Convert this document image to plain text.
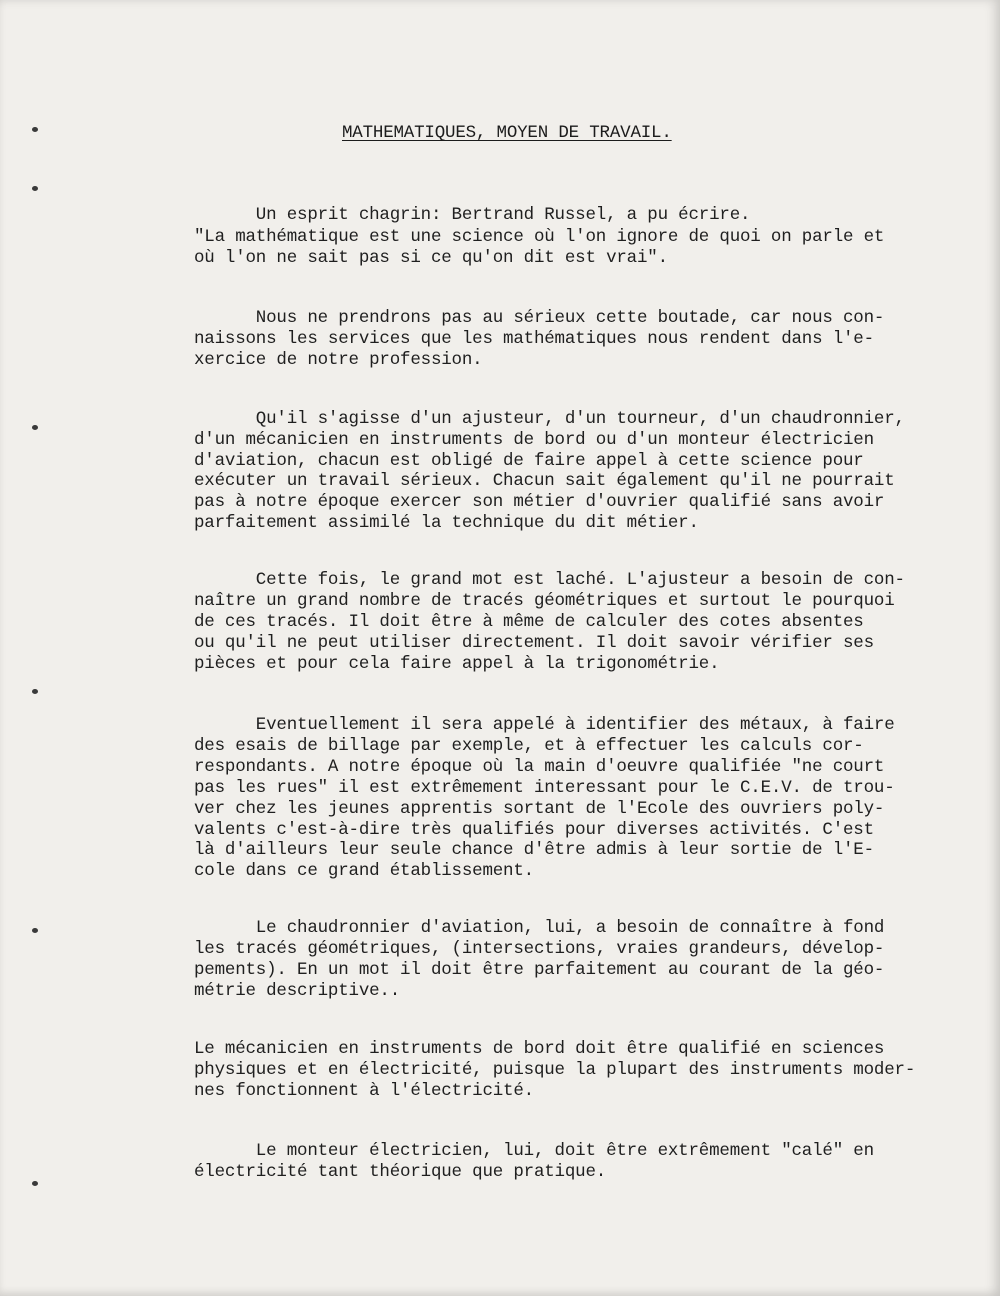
MATHEMATIQUES, MOYEN DE TRAVAIL.

Un esprit chagrin: Bertrand Russel, a pu écrire.

"La mathématique est une science où l'on ignore de quoi on parle et

où l'on ne sait pas si ce qu'on dit est vrai".

Nous ne prendrons pas au sérieux cette boutade, car nous con-

naissons les services que les mathématiques nous rendent dans l'e-

xercice de notre profession.

Qu'il s'agisse d'un ajusteur, d'un tourneur, d'un chaudronnier,

d'un mécanicien en instruments de bord ou d'un monteur électricien

d'aviation, chacun est obligé de faire appel à cette science pour

exécuter un travail sérieux. Chacun sait également qu'il ne pourrait

pas à notre époque exercer son métier d'ouvrier qualifié sans avoir

parfaitement assimilé la technique du dit métier.

Cette fois, le grand mot est laché. L'ajusteur a besoin de con-

naître un grand nombre de tracés géométriques et surtout le pourquoi

de ces tracés. Il doit être à même de calculer des cotes absentes

ou qu'il ne peut utiliser directement. Il doit savoir vérifier ses

pièces et pour cela faire appel à la trigonométrie.

Eventuellement il sera appelé à identifier des métaux, à faire

des esais de billage par exemple, et à effectuer les calculs cor-

respondants. A notre époque où la main d'oeuvre qualifiée "ne court

pas les rues" il est extrêmement interessant pour le C.E.V. de trou-

ver chez les jeunes apprentis sortant de l'Ecole des ouvriers poly-

valents c'est-à-dire très qualifiés pour diverses activités. C'est

là d'ailleurs leur seule chance d'être admis à leur sortie de l'E-

cole dans ce grand établissement.

Le chaudronnier d'aviation, lui, a besoin de connaître à fond

les tracés géométriques, (intersections, vraies grandeurs, dévelop-

pements). En un mot il doit être parfaitement au courant de la géo-

métrie descriptive..

Le mécanicien en instruments de bord doit être qualifié en sciences

physiques et en électricité, puisque la plupart des instruments moder-

nes fonctionnent à l'électricité.

Le monteur électricien, lui, doit être extrêmement "calé" en

électricité tant théorique que pratique.
